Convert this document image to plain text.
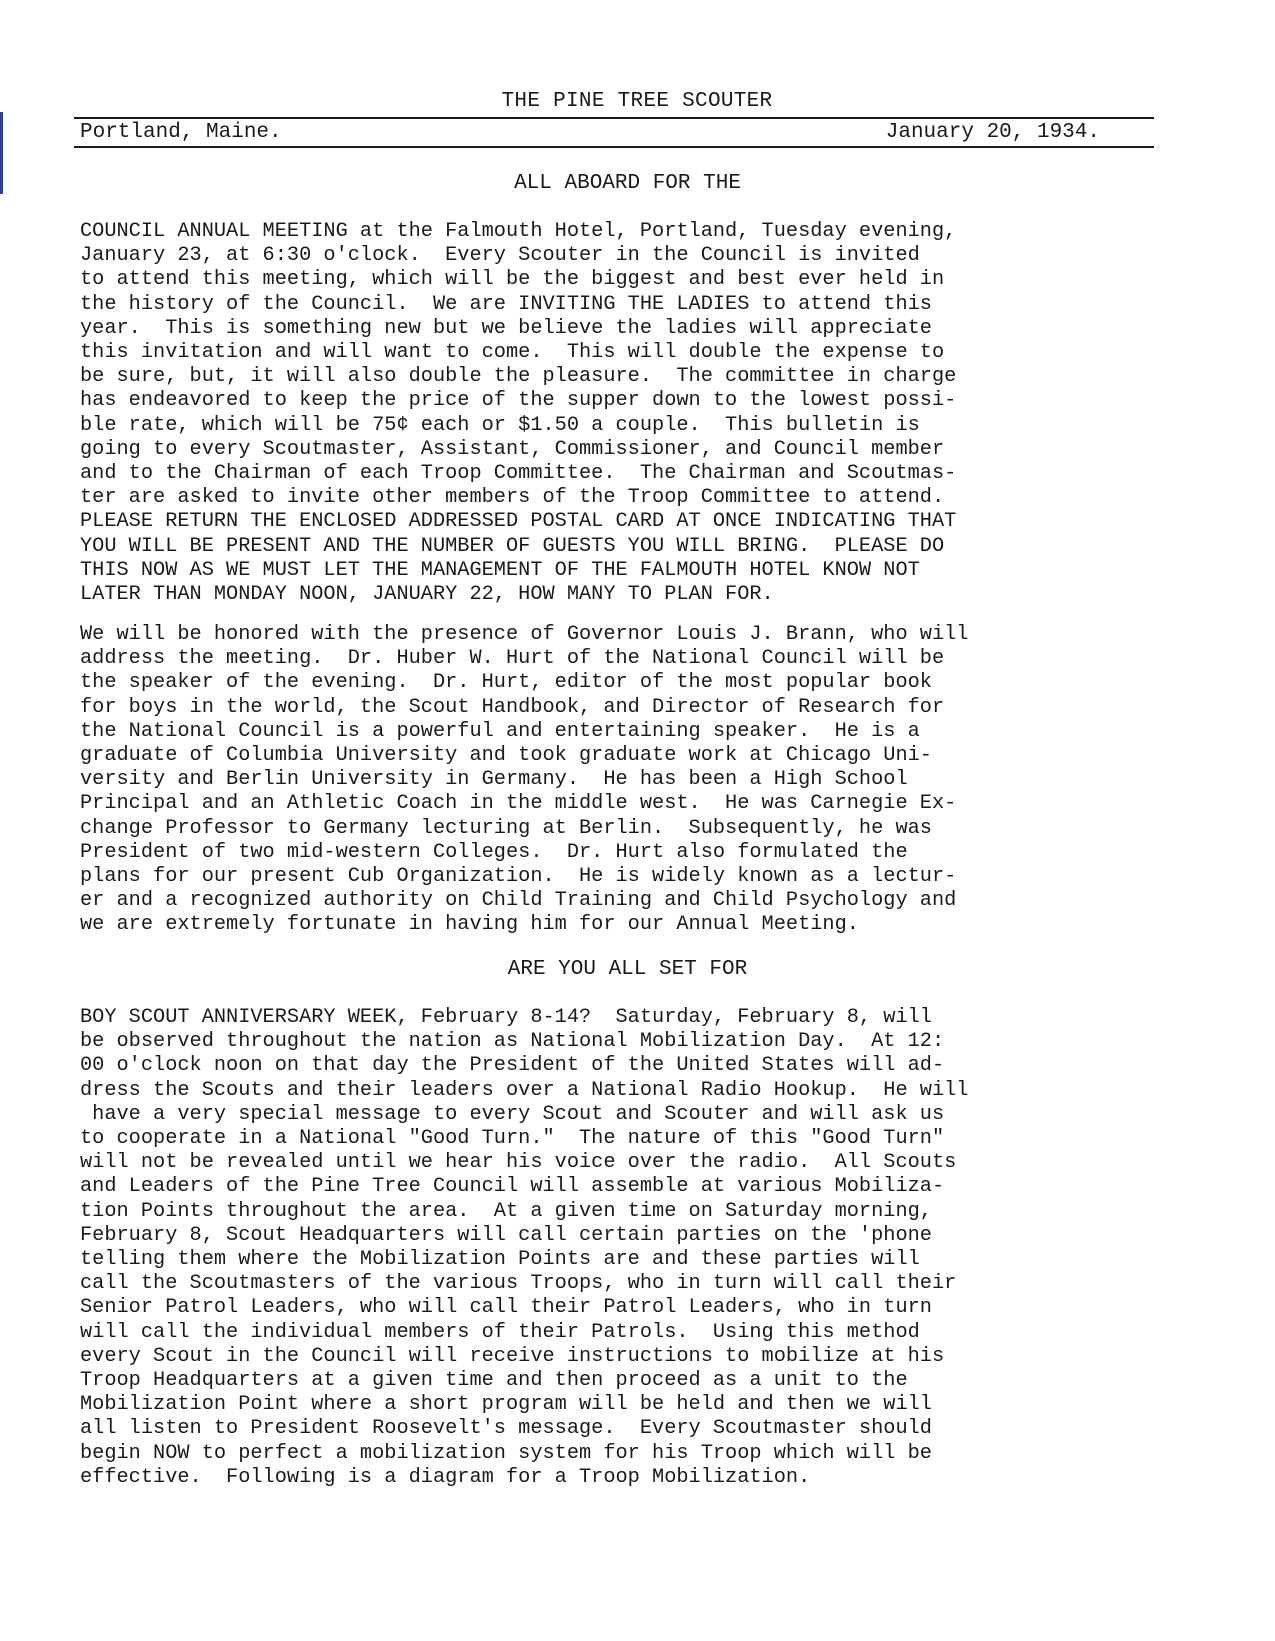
THE PINE TREE SCOUTER
Portland, Maine.	January 20, 1934.
ALL ABOARD FOR THE

COUNCIL ANNUAL MEETING at the Falmouth Hotel, Portland, Tuesday evening,
January 23, at 6:30 o'clock.  Every Scouter in the Council is invited
to attend this meeting, which will be the biggest and best ever held in
the history of the Council.  We are INVITING THE LADIES to attend this
year.  This is something new but we believe the ladies will appreciate
this invitation and will want to come.  This will double the expense to
be sure, but, it will also double the pleasure.  The committee in charge
has endeavored to keep the price of the supper down to the lowest possi-
ble rate, which will be 75¢ each or $1.50 a couple.  This bulletin is
going to every Scoutmaster, Assistant, Commissioner, and Council member
and to the Chairman of each Troop Committee.  The Chairman and Scoutmas-
ter are asked to invite other members of the Troop Committee to attend.
PLEASE RETURN THE ENCLOSED ADDRESSED POSTAL CARD AT ONCE INDICATING THAT
YOU WILL BE PRESENT AND THE NUMBER OF GUESTS YOU WILL BRING.  PLEASE DO
THIS NOW AS WE MUST LET THE MANAGEMENT OF THE FALMOUTH HOTEL KNOW NOT
LATER THAN MONDAY NOON, JANUARY 22, HOW MANY TO PLAN FOR.

We will be honored with the presence of Governor Louis J. Brann, who will
address the meeting.  Dr. Huber W. Hurt of the National Council will be
the speaker of the evening.  Dr. Hurt, editor of the most popular book
for boys in the world, the Scout Handbook, and Director of Research for
the National Council is a powerful and entertaining speaker.  He is a
graduate of Columbia University and took graduate work at Chicago Uni-
versity and Berlin University in Germany.  He has been a High School
Principal and an Athletic Coach in the middle west.  He was Carnegie Ex-
change Professor to Germany lecturing at Berlin.  Subsequently, he was
President of two mid-western Colleges.  Dr. Hurt also formulated the
plans for our present Cub Organization.  He is widely known as a lectur-
er and a recognized authority on Child Training and Child Psychology and
we are extremely fortunate in having him for our Annual Meeting.

ARE YOU ALL SET FOR

BOY SCOUT ANNIVERSARY WEEK, February 8-14?  Saturday, February 8, will
be observed throughout the nation as National Mobilization Day.  At 12:
00 o'clock noon on that day the President of the United States will ad-
dress the Scouts and their leaders over a National Radio Hookup.  He will
have a very special message to every Scout and Scouter and will ask us
to cooperate in a National "Good Turn."  The nature of this "Good Turn"
will not be revealed until we hear his voice over the radio.  All Scouts
and Leaders of the Pine Tree Council will assemble at various Mobiliza-
tion Points throughout the area.  At a given time on Saturday morning,
February 8, Scout Headquarters will call certain parties on the 'phone
telling them where the Mobilization Points are and these parties will
call the Scoutmasters of the various Troops, who in turn will call their
Senior Patrol Leaders, who will call their Patrol Leaders, who in turn
will call the individual members of their Patrols.  Using this method
every Scout in the Council will receive instructions to mobilize at his
Troop Headquarters at a given time and then proceed as a unit to the
Mobilization Point where a short program will be held and then we will
all listen to President Roosevelt's message.  Every Scoutmaster should
begin NOW to perfect a mobilization system for his Troop which will be
effective.  Following is a diagram for a Troop Mobilization.
